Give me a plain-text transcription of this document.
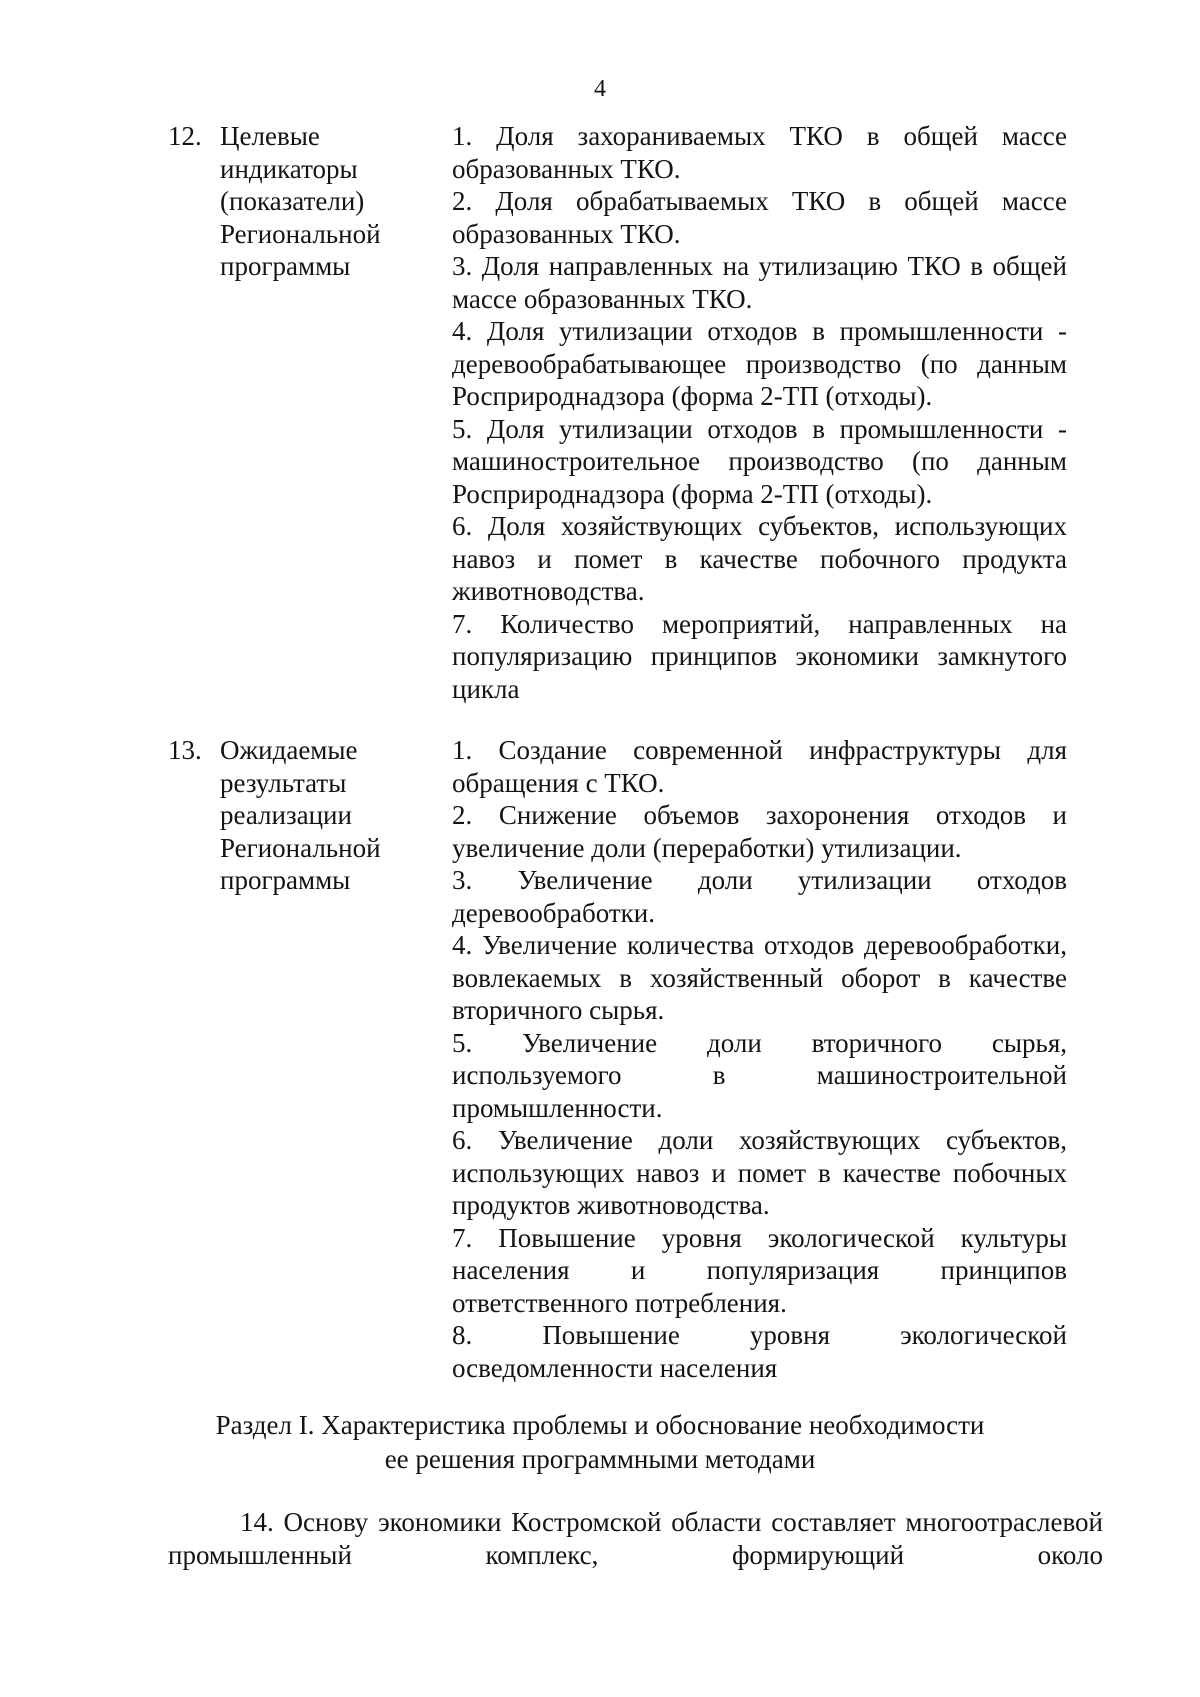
4
12. Целевые
индикаторы
(показатели)
Региональной
программы
1. Доля захораниваемых ТКО в общей массе образованных ТКО.
2. Доля обрабатываемых ТКО в общей массе образованных ТКО.
3. Доля направленных на утилизацию ТКО в общей массе образованных ТКО.
4. Доля утилизации отходов в промышленности - деревообрабатывающее производство (по данным Росприроднадзора (форма 2-ТП (отходы).
5. Доля утилизации отходов в промышленности - машиностроительное производство (по данным Росприроднадзора (форма 2-ТП (отходы).
6. Доля хозяйствующих субъектов, использующих навоз и помет в качестве побочного продукта животноводства.
7. Количество мероприятий, направленных на популяризацию принципов экономики замкнутого цикла
13. Ожидаемые
результаты
реализации
Региональной
программы
1. Создание современной инфраструктуры для обращения с ТКО.
2. Снижение объемов захоронения отходов и увеличение доли (переработки) утилизации.
3. Увеличение доли утилизации отходов деревообработки.
4. Увеличение количества отходов деревообработки, вовлекаемых в хозяйственный оборот в качестве вторичного сырья.
5. Увеличение доли вторичного сырья, используемого в машиностроительной промышленности.
6. Увеличение доли хозяйствующих субъектов, использующих навоз и помет в качестве побочных продуктов животноводства.
7. Повышение уровня экологической культуры населения и популяризация принципов ответственного потребления.
8. Повышение уровня экологической осведомленности населения
Раздел I. Характеристика проблемы и обоснование необходимости
ее решения программными методами
14. Основу экономики Костромской области составляет многоотраслевой промышленный комплекс, формирующий около
